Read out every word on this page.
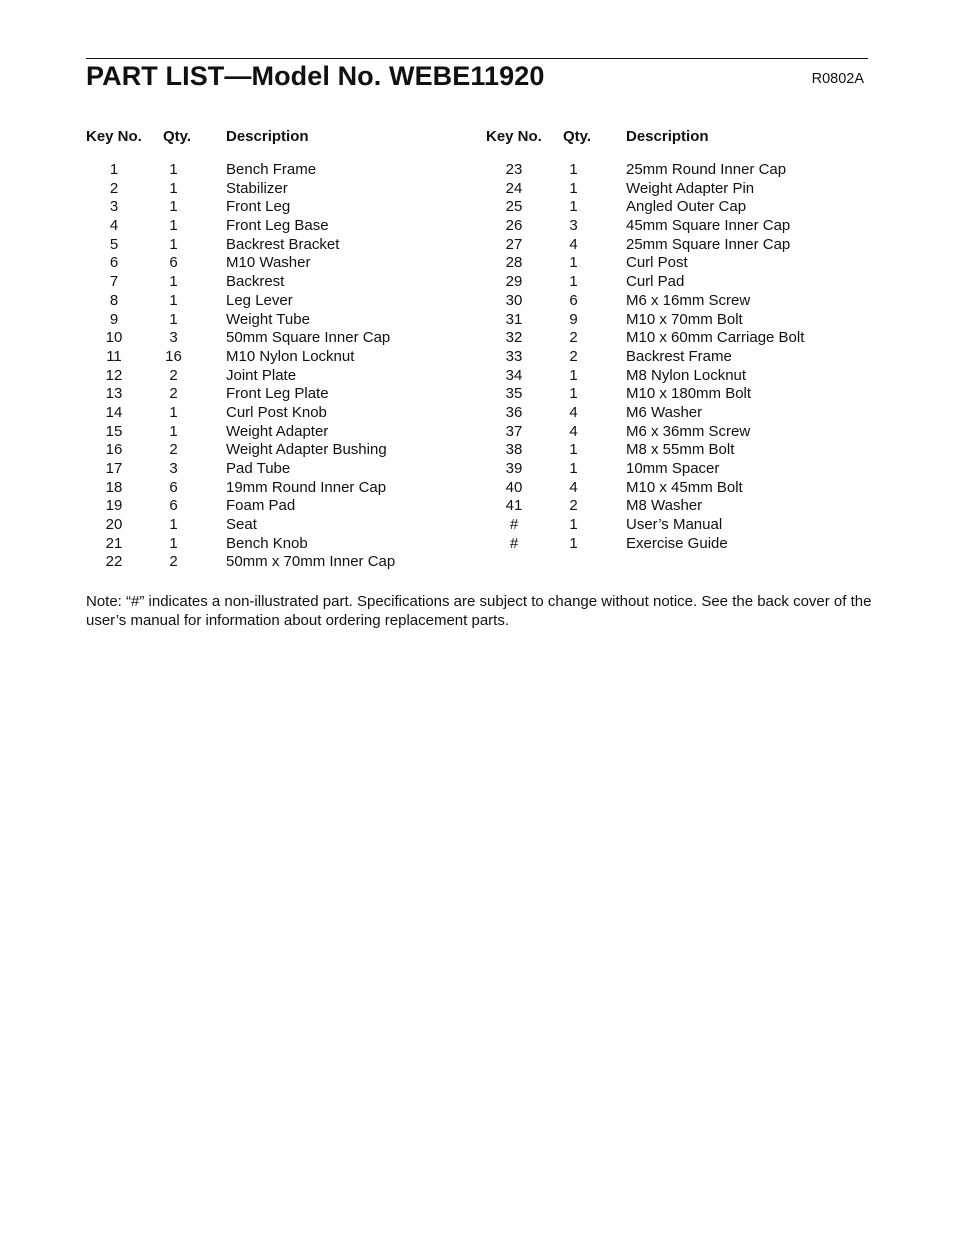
PART LIST—Model No. WEBE11920	R0802A
Key No. Qty.	Description
1	1	Bench Frame
2	1	Stabilizer
3	1	Front Leg
4	1	Front Leg Base
5	1	Backrest Bracket
6	6	M10 Washer
7	1	Backrest
8	1	Leg Lever
9	1	Weight Tube
10	3	50mm Square Inner Cap
11	16	M10 Nylon Locknut
12	2	Joint Plate
13	2	Front Leg Plate
14	1	Curl Post Knob
15	1	Weight Adapter
16	2	Weight Adapter Bushing
17	3	Pad Tube
18	6	19mm Round Inner Cap
19	6	Foam Pad
20	1	Seat
21	1	Bench Knob
22	2	50mm x 70mm Inner Cap
Key No. Qty.	Description
23	1	25mm Round Inner Cap
24	1	Weight Adapter Pin
25	1	Angled Outer Cap
26	3	45mm Square Inner Cap
27	4	25mm Square Inner Cap
28	1	Curl Post
29	1	Curl Pad
30	6	M6 x 16mm Screw
31	9	M10 x 70mm Bolt
32	2	M10 x 60mm Carriage Bolt
33	2	Backrest Frame
34	1	M8 Nylon Locknut
35	1	M10 x 180mm Bolt
36	4	M6 Washer
37	4	M6 x 36mm Screw
38	1	M8 x 55mm Bolt
39	1	10mm Spacer
40	4	M10 x 45mm Bolt
41	2	M8 Washer
#	1	User’s Manual
#	1	Exercise Guide
Note: “#” indicates a non-illustrated part. Specifications are subject to change without notice. See the back cover of the user’s manual for information about ordering replacement parts.
